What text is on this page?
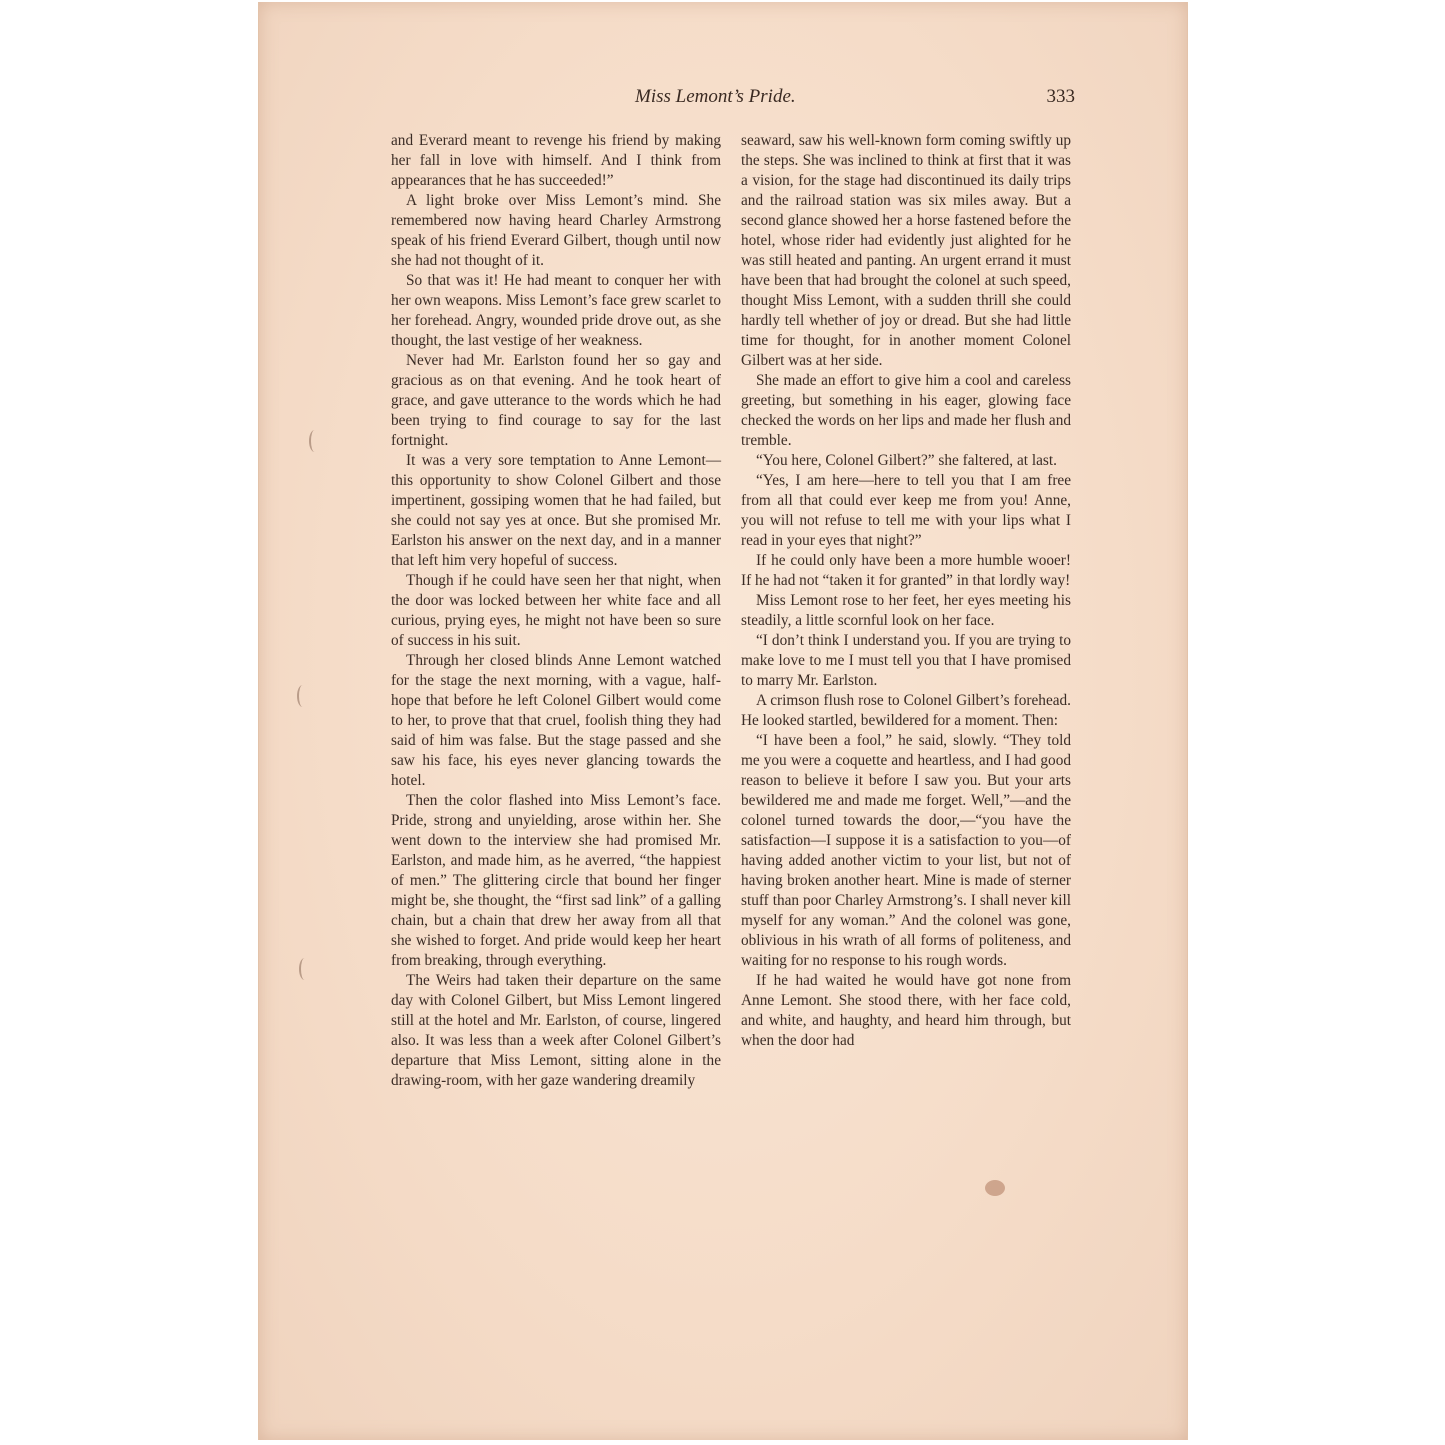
Miss Lemont’s Pride.	333

and Everard meant to revenge his friend by making her fall in love with himself. And I think from appearances that he has succeeded!”

A light broke over Miss Lemont’s mind. She remembered now having heard Charley Armstrong speak of his friend Everard Gilbert, though until now she had not thought of it.

So that was it! He had meant to conquer her with her own weapons. Miss Lemont’s face grew scarlet to her forehead. Angry, wounded pride drove out, as she thought, the last vestige of her weakness.

Never had Mr. Earlston found her so gay and gracious as on that evening. And he took heart of grace, and gave utterance to the words which he had been trying to find courage to say for the last fortnight.

It was a very sore temptation to Anne Lemont—this opportunity to show Colonel Gilbert and those impertinent, gossiping women that he had failed, but she could not say yes at once. But she promised Mr. Earlston his answer on the next day, and in a manner that left him very hopeful of success.

Though if he could have seen her that night, when the door was locked between her white face and all curious, prying eyes, he might not have been so sure of success in his suit.

Through her closed blinds Anne Lemont watched for the stage the next morning, with a vague, half-hope that before he left Colonel Gilbert would come to her, to prove that that cruel, foolish thing they had said of him was false. But the stage passed and she saw his face, his eyes never glancing towards the hotel.

Then the color flashed into Miss Lemont’s face. Pride, strong and unyielding, arose within her. She went down to the interview she had promised Mr. Earlston, and made him, as he averred, “the happiest of men.” The glittering circle that bound her finger might be, she thought, the “first sad link” of a galling chain, but a chain that drew her away from all that she wished to forget. And pride would keep her heart from breaking, through everything.

The Weirs had taken their departure on the same day with Colonel Gilbert, but Miss Lemont lingered still at the hotel and Mr. Earlston, of course, lingered also. It was less than a week after Colonel Gilbert’s departure that Miss Lemont, sitting alone in the drawing-room, with her gaze wandering dreamily

seaward, saw his well-known form coming swiftly up the steps. She was inclined to think at first that it was a vision, for the stage had discontinued its daily trips and the railroad station was six miles away. But a second glance showed her a horse fastened before the hotel, whose rider had evidently just alighted for he was still heated and panting. An urgent errand it must have been that had brought the colonel at such speed, thought Miss Lemont, with a sudden thrill she could hardly tell whether of joy or dread. But she had little time for thought, for in another moment Colonel Gilbert was at her side.

She made an effort to give him a cool and careless greeting, but something in his eager, glowing face checked the words on her lips and made her flush and tremble.

“You here, Colonel Gilbert?” she faltered, at last.

“Yes, I am here—here to tell you that I am free from all that could ever keep me from you! Anne, you will not refuse to tell me with your lips what I read in your eyes that night?”

If he could only have been a more humble wooer! If he had not “taken it for granted” in that lordly way!

Miss Lemont rose to her feet, her eyes meeting his steadily, a little scornful look on her face.

“I don’t think I understand you. If you are trying to make love to me I must tell you that I have promised to marry Mr. Earlston.

A crimson flush rose to Colonel Gilbert’s forehead. He looked startled, bewildered for a moment. Then:

“I have been a fool,” he said, slowly. “They told me you were a coquette and heartless, and I had good reason to believe it before I saw you. But your arts bewildered me and made me forget. Well,”—and the colonel turned towards the door,—“you have the satisfaction—I suppose it is a satisfaction to you—of having added another victim to your list, but not of having broken another heart. Mine is made of sterner stuff than poor Charley Armstrong’s. I shall never kill myself for any woman.” And the colonel was gone, oblivious in his wrath of all forms of politeness, and waiting for no response to his rough words.

If he had waited he would have got none from Anne Lemont. She stood there, with her face cold, and white, and haughty, and heard him through, but when the door had
